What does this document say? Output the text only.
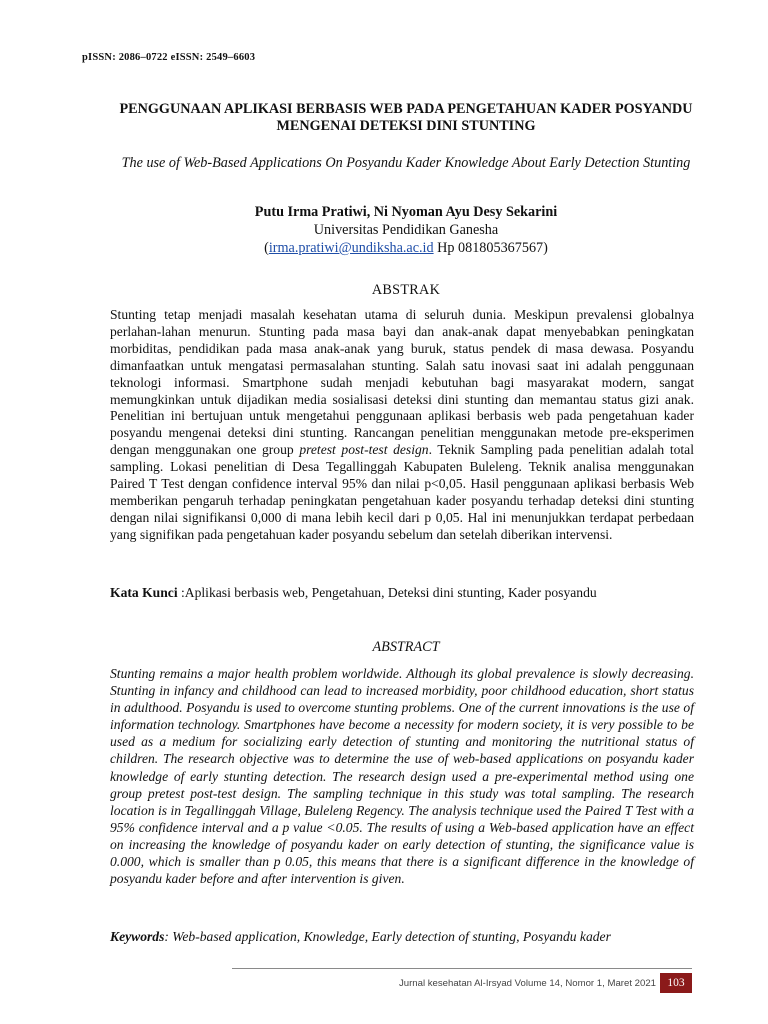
pISSN: 2086–0722 eISSN: 2549–6603
PENGGUNAAN APLIKASI BERBASIS WEB PADA PENGETAHUAN KADER POSYANDU MENGENAI DETEKSI DINI STUNTING
The use of Web-Based Applications On Posyandu Kader Knowledge About Early Detection Stunting
Putu Irma Pratiwi, Ni Nyoman Ayu Desy Sekarini
Universitas Pendidikan Ganesha
(irma.pratiwi@undiksha.ac.id Hp 081805367567)
ABSTRAK
Stunting tetap menjadi masalah kesehatan utama di seluruh dunia. Meskipun prevalensi globalnya perlahan-lahan menurun. Stunting pada masa bayi dan anak-anak dapat menyebabkan peningkatan morbiditas, pendidikan pada masa anak-anak yang buruk, status pendek di masa dewasa. Posyandu dimanfaatkan untuk mengatasi permasalahan stunting. Salah satu inovasi saat ini adalah penggunaan teknologi informasi. Smartphone sudah menjadi kebutuhan bagi masyarakat modern, sangat memungkinkan untuk dijadikan media sosialisasi deteksi dini stunting dan memantau status gizi anak. Penelitian ini bertujuan untuk mengetahui penggunaan aplikasi berbasis web pada pengetahuan kader posyandu mengenai deteksi dini stunting. Rancangan penelitian menggunakan metode pre-eksperimen dengan menggunakan one group pretest post-test design. Teknik Sampling pada penelitian adalah total sampling. Lokasi penelitian di Desa Tegallinggah Kabupaten Buleleng. Teknik analisa menggunakan Paired T Test dengan confidence interval 95% dan nilai p<0,05. Hasil penggunaan aplikasi berbasis Web memberikan pengaruh terhadap peningkatan pengetahuan kader posyandu terhadap deteksi dini stunting dengan nilai signifikansi 0,000 di mana lebih kecil dari p 0,05. Hal ini menunjukkan terdapat perbedaan yang signifikan pada pengetahuan kader posyandu sebelum dan setelah diberikan intervensi.
Kata Kunci :Aplikasi berbasis web, Pengetahuan, Deteksi dini stunting, Kader posyandu
ABSTRACT
Stunting remains a major health problem worldwide. Although its global prevalence is slowly decreasing. Stunting in infancy and childhood can lead to increased morbidity, poor childhood education, short status in adulthood. Posyandu is used to overcome stunting problems. One of the current innovations is the use of information technology. Smartphones have become a necessity for modern society, it is very possible to be used as a medium for socializing early detection of stunting and monitoring the nutritional status of children. The research objective was to determine the use of web-based applications on posyandu kader knowledge of early stunting detection. The research design used a pre-experimental method using one group pretest post-test design. The sampling technique in this study was total sampling. The research location is in Tegallinggah Village, Buleleng Regency. The analysis technique used the Paired T Test with a 95% confidence interval and a p value <0.05. The results of using a Web-based application have an effect on increasing the knowledge of posyandu kader on early detection of stunting, the significance value is 0.000, which is smaller than p 0.05, this means that there is a significant difference in the knowledge of posyandu kader before and after intervention is given.
Keywords: Web-based application, Knowledge, Early detection of stunting, Posyandu kader
Jurnal kesehatan Al-Irsyad Volume 14, Nomor 1, Maret 2021 103
